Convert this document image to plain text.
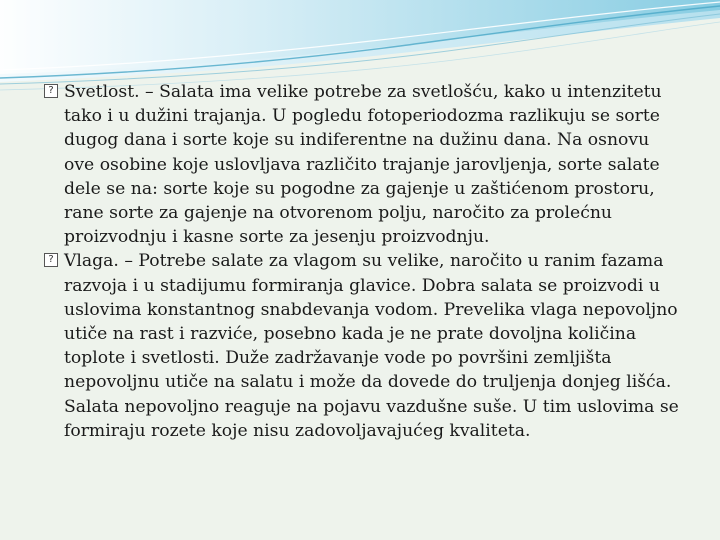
? Svetlost. – Salata ima velike potrebe za svetlošću, kako u intenzitetu tako i u dužini trajanja. U pogledu fotoperiodozma razlikuju se sorte dugog dana i sorte koje su indiferentne na dužinu dana. Na osnovu ove osobine koje uslovljava različito trajanje jarovljenja, sorte salate dele se na: sorte koje su pogodne za gajenje u zaštićenom prostoru, rane sorte za gajenje na otvorenom polju, naročito za prolećnu proizvodnju i kasne sorte za jesenju proizvodnju.

? Vlaga. – Potrebe salate za vlagom su velike, naročito u ranim fazama razvoja i u stadijumu formiranja glavice. Dobra salata se proizvodi u uslovima konstantnog snabdevanja vodom. Prevelika vlaga nepovoljno utiče na rast i razviće, posebno kada je ne prate dovoljna količina toplote i svetlosti. Duže zadržavanje vode po površini zemljišta nepovoljnu utiče na salatu i može da dovede do truljenja donjeg lišća. Salata nepovoljno reaguje na pojavu vazdušne suše. U tim uslovima se formiraju rozete koje nisu zadovoljavajućeg kvaliteta.
